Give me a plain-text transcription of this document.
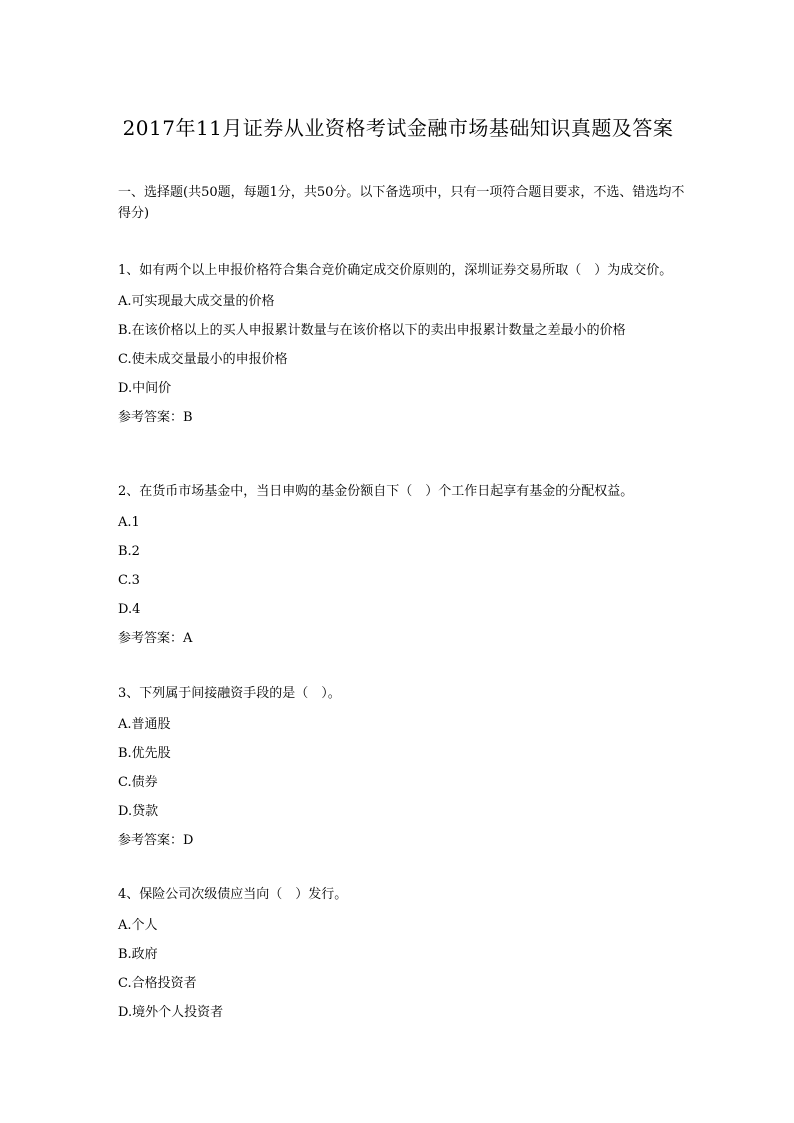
2017年11月证券从业资格考试金融市场基础知识真题及答案
一、选择题(共50题，每题1分，共50分。以下备选项中，只有一项符合题目要求，不选、错选均不得分)
1、如有两个以上申报价格符合集合竞价确定成交价原则的，深圳证券交易所取（　）为成交价。
A.可实现最大成交量的价格
B.在该价格以上的买人申报累计数量与在该价格以下的卖出申报累计数量之差最小的价格
C.使未成交量最小的申报价格
D.中间价
参考答案：B
2、在货币市场基金中，当日申购的基金份额自下（　）个工作日起享有基金的分配权益。
A.1
B.2
C.3
D.4
参考答案：A
3、下列属于间接融资手段的是（　）。
A.普通股
B.优先股
C.债券
D.贷款
参考答案：D
4、保险公司次级债应当向（　）发行。
A.个人
B.政府
C.合格投资者
D.境外个人投资者
